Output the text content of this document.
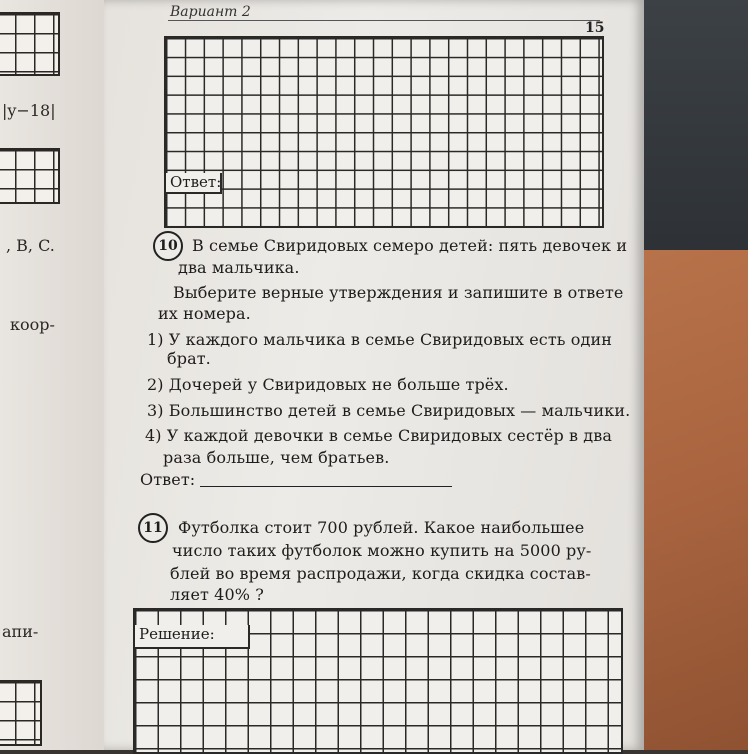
|y−18|
, B, C.
коор-
апи-
Вариант 2
15
Ответ:
10 В семье Свиридовых семеро детей: пять девочек и
два мальчика.
Выберите верные утверждения и запишите в ответе
их номера.
1) У каждого мальчика в семье Свиридовых есть один
брат.
2) Дочерей у Свиридовых не больше трёх.
3) Большинство детей в семье Свиридовых — мальчики.
4) У каждой девочки в семье Свиридовых сестёр в два
раза больше, чем братьев.
Ответ:
11 Футболка стоит 700 рублей. Какое наибольшее
число таких футболок можно купить на 5000 ру-
блей во время распродажи, когда скидка состав-
ляет 40% ?
Решение:
